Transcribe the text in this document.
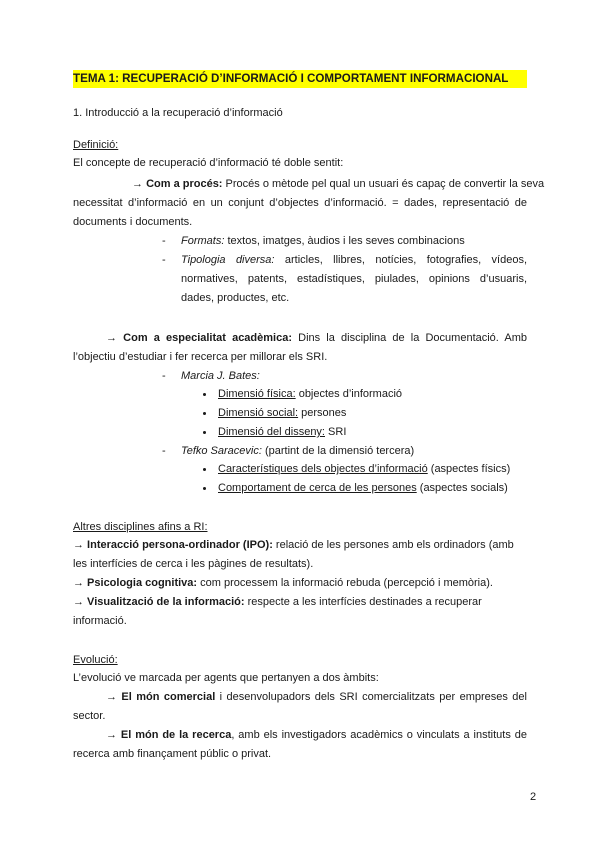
TEMA 1: RECUPERACIÓ D’INFORMACIÓ I COMPORTAMENT INFORMACIONAL
1. Introducció a la recuperació d’informació
Definició:
El concepte de recuperació d’informació té doble sentit:
→ Com a procés: Procés o mètode pel qual un usuari és capaç de convertir la seva
necessitat d’informació en un conjunt d’objectes d’informació. = dades, representació de
documents i documents.
- Formats: textos, imatges, àudios i les seves combinacions
- Tipologia diversa: articles, llibres, notícies, fotografies, vídeos,
normatives, patents, estadístiques, piulades, opinions d’usuaris,
dades, productes, etc.
→ Com a especialitat acadèmica: Dins la disciplina de la Documentació. Amb
l’objectiu d’estudiar i fer recerca per millorar els SRI.
- Marcia J. Bates:
Dimensió física: objectes d’informació
Dimensió social: persones
Dimensió del disseny: SRI
- Tefko Saracevic: (partint de la dimensió tercera)
Característiques dels objectes d’informació (aspectes físics)
Comportament de cerca de les persones (aspectes socials)
Altres disciplines afins a RI:
→ Interacció persona-ordinador (IPO): relació de les persones amb els ordinadors (amb
les interfícies de cerca i les pàgines de resultats).
→ Psicologia cognitiva: com processem la informació rebuda (percepció i memòria).
→ Visualització de la informació: respecte a les interfícies destinades a recuperar
informació.
Evolució:
L’evolució ve marcada per agents que pertanyen a dos àmbits:
→ El món comercial i desenvolupadors dels SRI comercialitzats per empreses del
sector.
→ El món de la recerca, amb els investigadors acadèmics o vinculats a instituts de
recerca amb finançament públic o privat.
2
